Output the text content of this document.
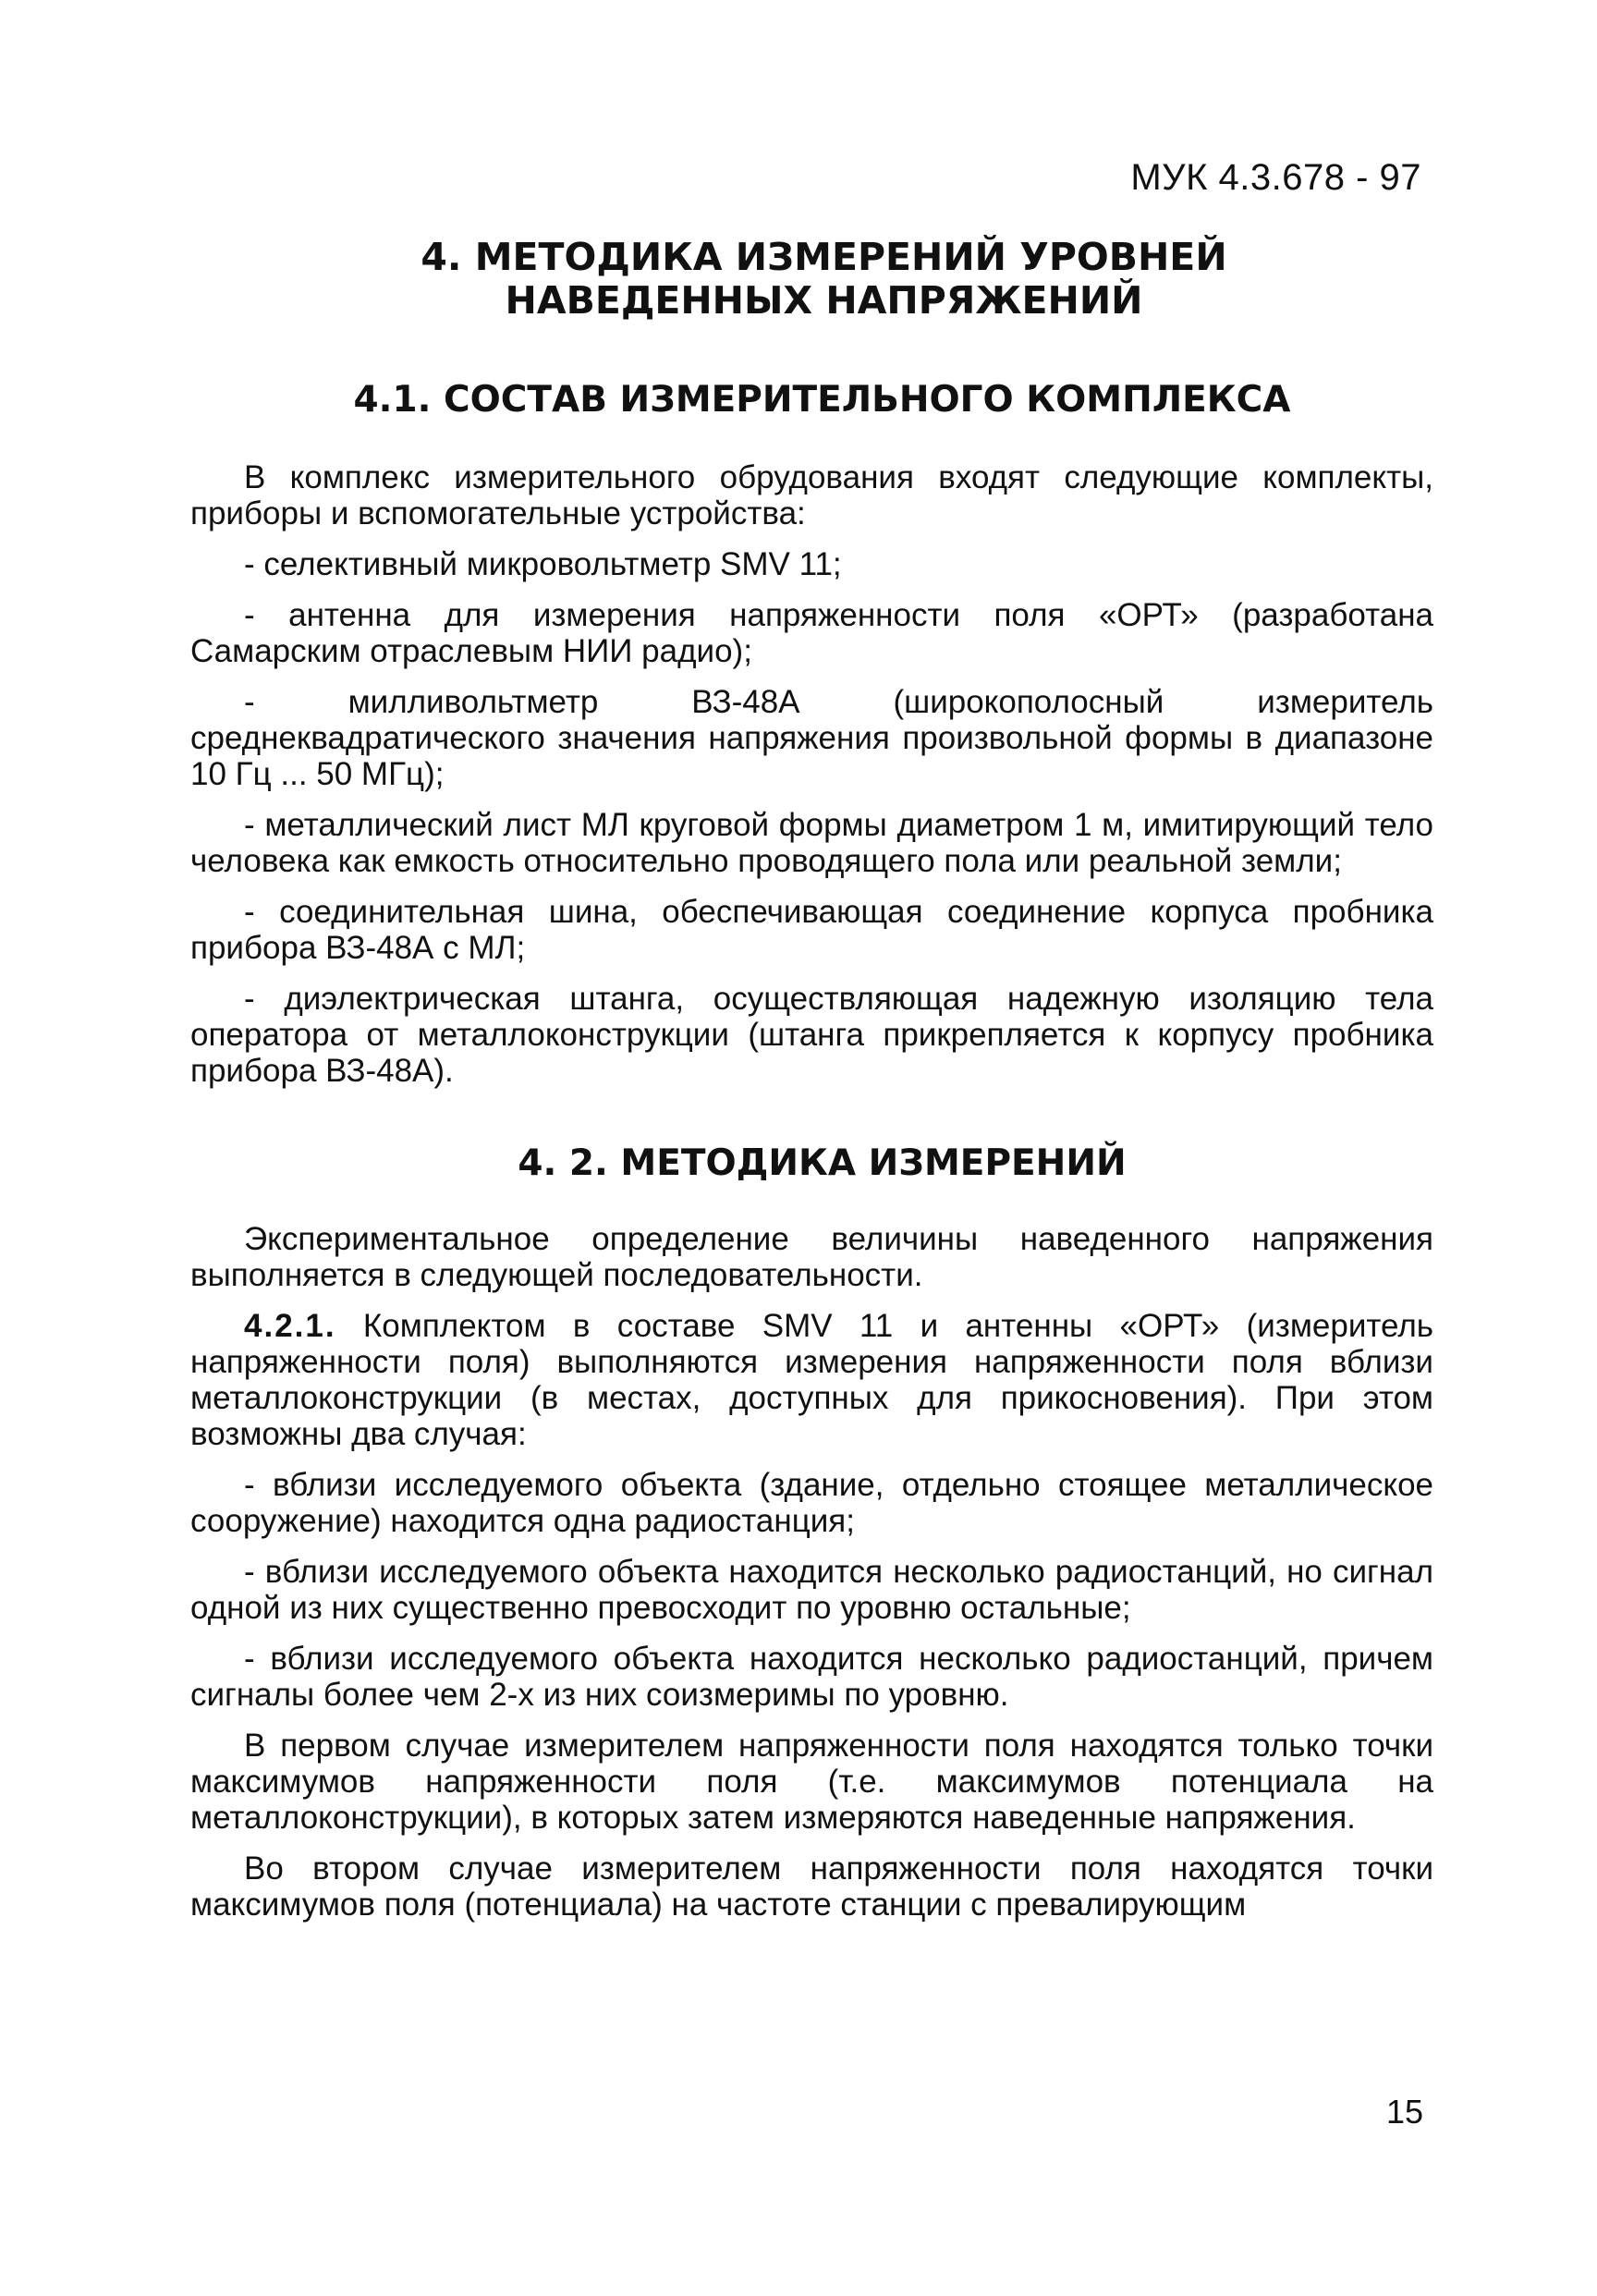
МУК 4.3.678 - 97
4. МЕТОДИКА ИЗМЕРЕНИЙ УРОВНЕЙ
НАВЕДЕННЫХ НАПРЯЖЕНИЙ
4.1. СОСТАВ ИЗМЕРИТЕЛЬНОГО КОМПЛЕКСА

В комплекс измерительного обрудования входят следующие комплекты, приборы и вспомогательные устройства:

- селективный микровольтметр SMV 11;

- антенна для измерения напряженности поля «ОРТ» (разработана Самарским отраслевым НИИ радио);

- милливольтметр ВЗ-48А (широкополосный измеритель среднеквадратического значения напряжения произвольной формы в диапазоне 10 Гц ... 50 МГц);

- металлический лист МЛ круговой формы диаметром 1 м, имитирующий тело человека как емкость относительно проводящего пола или реальной земли;

- соединительная шина, обеспечивающая соединение корпуса пробника прибора ВЗ-48А с МЛ;

- диэлектрическая штанга, осуществляющая надежную изоляцию тела оператора от металлоконструкции (штанга прикрепляется к корпусу пробника прибора ВЗ-48А).

4. 2. МЕТОДИКА ИЗМЕРЕНИЙ

Экспериментальное определение величины наведенного напряжения выполняется в следующей последовательности.

4.2.1. Комплектом в составе SMV 11 и антенны «ОРТ» (измеритель напряженности поля) выполняются измерения напряженности поля вблизи металлоконструкции (в местах, доступных для прикосновения). При этом возможны два случая:

- вблизи исследуемого объекта (здание, отдельно стоящее металлическое сооружение) находится одна радиостанция;

- вблизи исследуемого объекта находится несколько радиостанций, но сигнал одной из них существенно превосходит по уровню остальные;

- вблизи исследуемого объекта находится несколько радиостанций, причем сигналы более чем 2-х из них соизмеримы по уровню.

В первом случае измерителем напряженности поля находятся только точки максимумов напряженности поля (т.е. максимумов потенциала на металлоконструкции), в которых затем измеряются наведенные напряжения.

Во втором случае измерителем напряженности поля находятся точки максимумов поля (потенциала) на частоте станции с превалирующим

15
